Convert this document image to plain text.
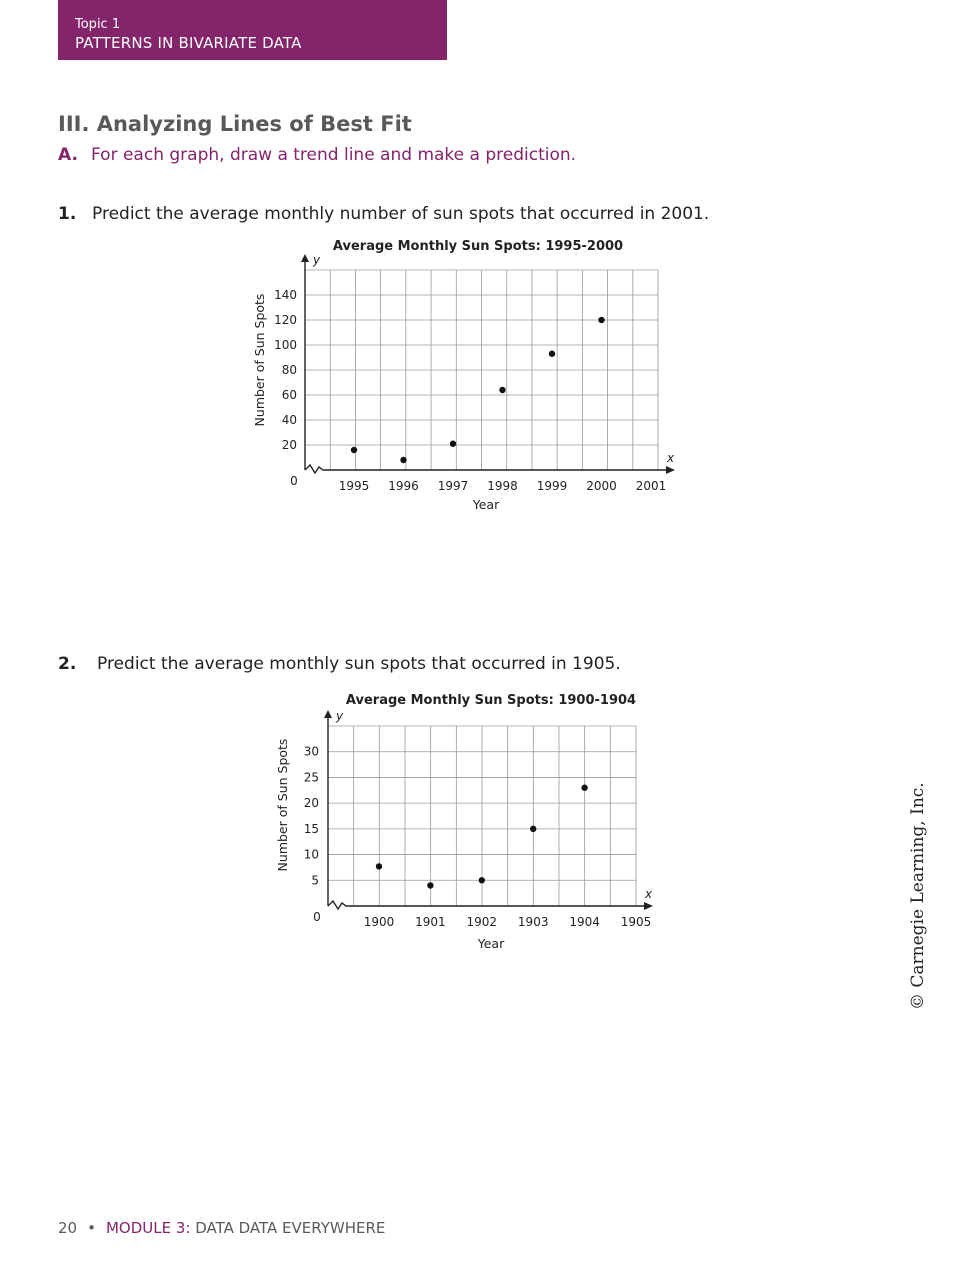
Topic 1
PATTERNS IN BIVARIATE DATA
III. Analyzing Lines of Best Fit
A. For each graph, draw a trend line and make a prediction.
1. Predict the average monthly number of sun spots that occurred in 2001.
Average Monthly Sun Spots: 1995-2000
y
x
0
20
40
60
80
100
120
140
1995 1996 1997 1998 1999 2000 2001
Year
Number of Sun Spots
2. Predict the average monthly sun spots that occurred in 1905.
Average Monthly Sun Spots: 1900-1904
y
x
0
5
10
15
20
25
30
1900 1901 1902 1903 1904 1905
Year
Number of Sun Spots	© Carnegie Learning, Inc.
20 • MODULE 3: DATA DATA EVERYWHERE
